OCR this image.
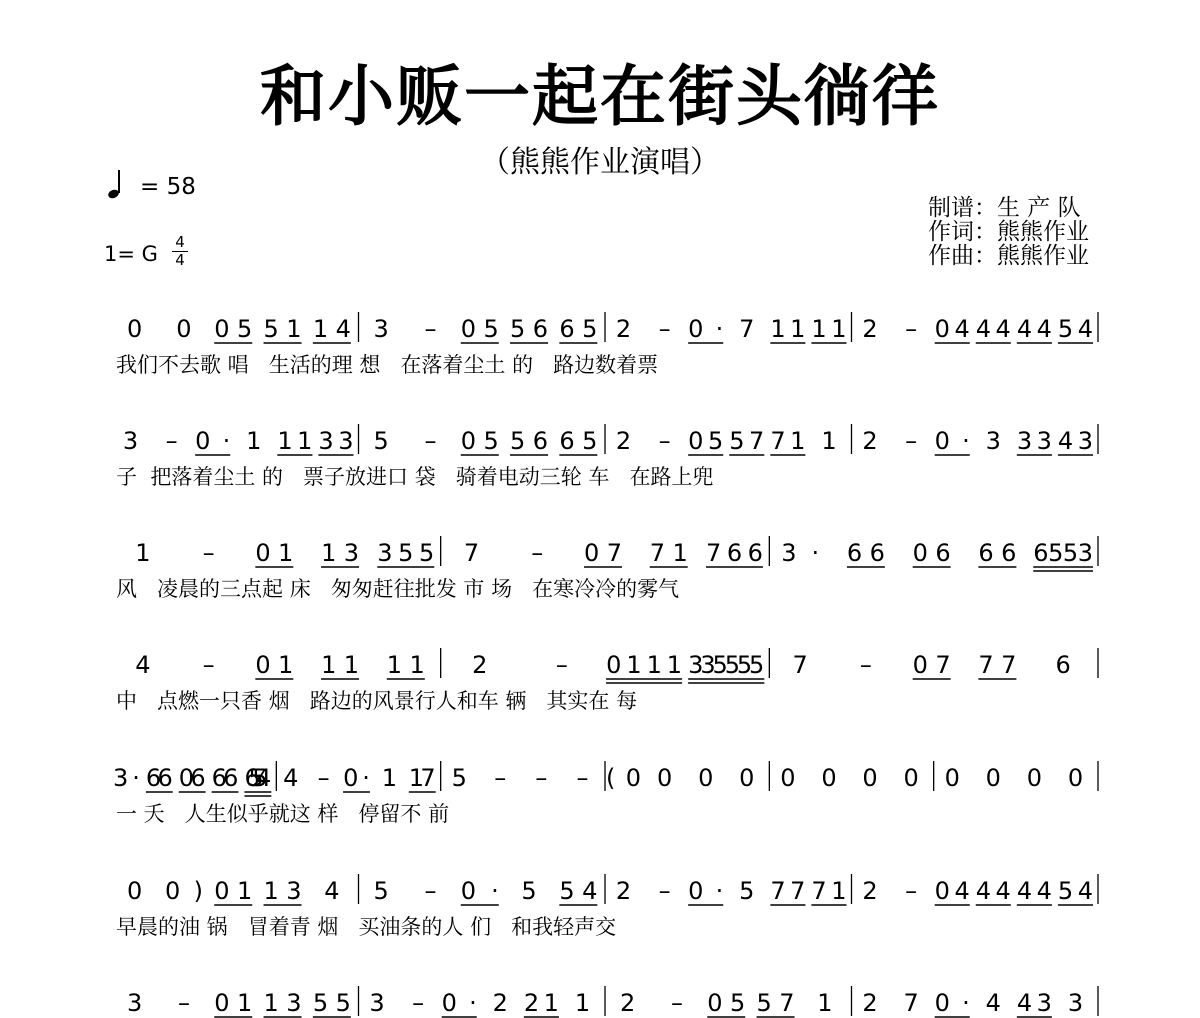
和小贩一起在街头徜徉
（熊熊作业演唱）
= 58
1= G $\frac{4}{4}$
制谱：生 产 队
作词：熊熊作业
作曲：熊熊作业
0 0 05 51 14 3 – 05 56 65 2 – 0· 7 11 11 2 – 04 44 44 54
我们不去歌 唱   生活的理 想   在落着尘土 的   路边数着票
3 – 0· 1 11 33 5 – 05 56 65 2 – 05 57 71 1 2 – 0· 3 33 43
子  把落着尘土 的   票子放进口 袋   骑着电动三轮 车   在路上兜
1 – 01 13 355 7 – 07 71 766 3· 66 06 66 6553
风   凌晨的三点起 床   匆匆赶往批发 市 场   在寒冷冷的雾气
4 – 01 11 11 2	– 0111 335555 7 – 07 77 6
中   点燃一只香 烟   路边的风景行人和车 辆   其实在 每
3· 66 06 66 6554 4 – 0· 1 17 5 – – – (0 0 0 0 0 0 0 0 0 0 0 0
一 夭   人生似乎就这 样   停留不 前
0 0) 01 13 4 5 – 0· 5 54 2 – 0· 5 77 71 2 – 04 44 44 54
早晨的油 锅   冒着青 烟   买油条的人 们   和我轻声交
3 – 01 13 55 3 – 0· 2 21 1 2 – 05 57 1 2 7 0· 4 43 3
